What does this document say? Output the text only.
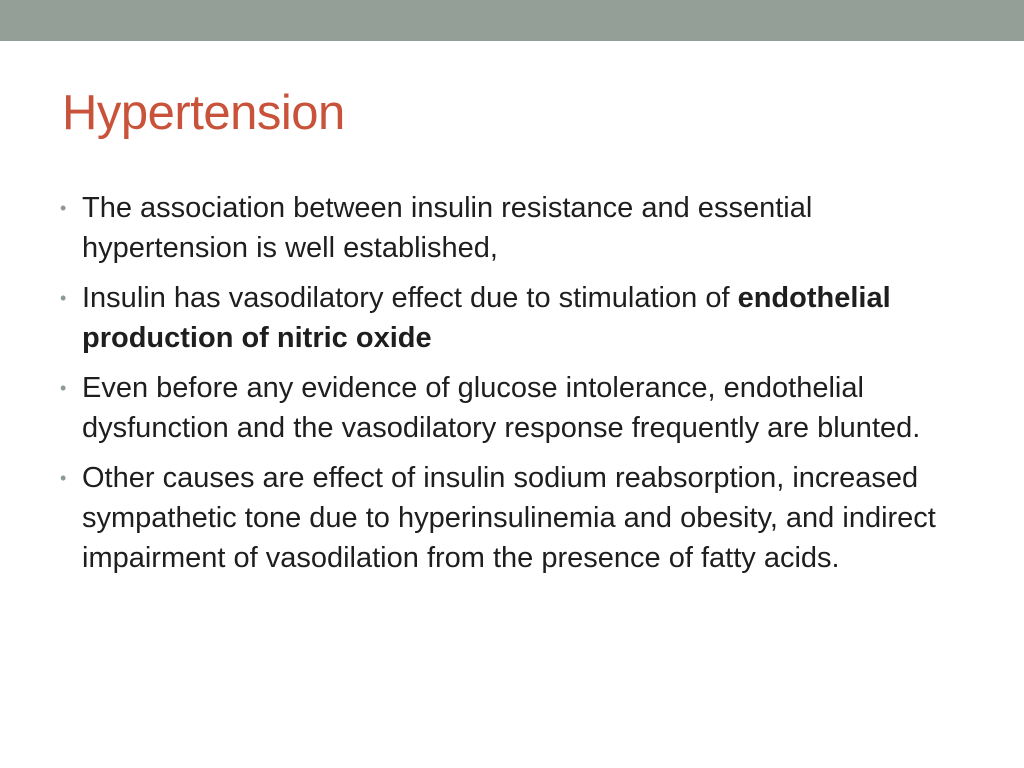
Hypertension
• The association between insulin resistance and essential hypertension is well established,
• Insulin has vasodilatory effect due to stimulation of endothelial production of nitric oxide
• Even before any evidence of glucose intolerance, endothelial dysfunction and the vasodilatory response frequently are blunted.
• Other causes are effect of insulin sodium reabsorption, increased sympathetic tone due to hyperinsulinemia and obesity, and indirect impairment of vasodilation from the presence of fatty acids.
